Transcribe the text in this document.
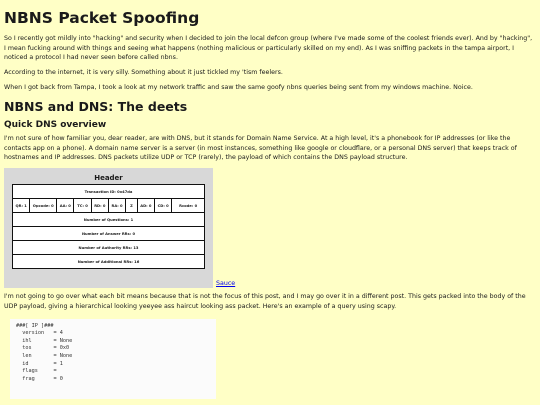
NBNS Packet Spoofing

So I recently got mildly into "hacking" and security when I decided to join the local defcon group (where I've made some of the coolest friends ever). And by "hacking", I mean fucking around with things and seeing what happens (nothing malicious or particularly skilled on my end). As I was sniffing packets in the tampa airport, I noticed a protocol I had never seen before called nbns.

According to the internet, it is very silly. Something about it just tickled my 'tism feelers.

When I got back from Tampa, I took a look at my network traffic and saw the same goofy nbns queries being sent from my windows machine. Noice.

NBNS and DNS: The deets
Quick DNS overview

I'm not sure of how familiar you, dear reader, are with DNS, but it stands for Domain Name Service. At a high level, it's a phonebook for IP addresses (or like the contacts app on a phone). A domain name server is a server (in most instances, something like google or cloudflare, or a personal DNS server) that keeps track of hostnames and IP addresses. DNS packets utilize UDP or TCP (rarely), the payload of which contains the DNS payload structure.

Header
Transaction ID: 0x47da
QR: 1	Opcode: 0	AA: 0	TC: 0	RD: 0	RA: 0	Z	AD: 0	CD: 0	Rcode: 0
Number of Questions: 1
Number of Answer RRs: 0
Number of Authority RRs: 13
Number of Additional RRs: 16
Sauce

I'm not going to go over what each bit means because that is not the focus of this post, and I may go over it in a different post. This gets packed into the body of the UDP payload, giving a hierarchical looking yeeyee ass haircut looking ass packet. Here's an example of a query using scapy.

###[ IP ]###
version   = 4
ihl       = None
tos       = 0x0
len       = None
id        = 1
flags     =
frag      = 0
